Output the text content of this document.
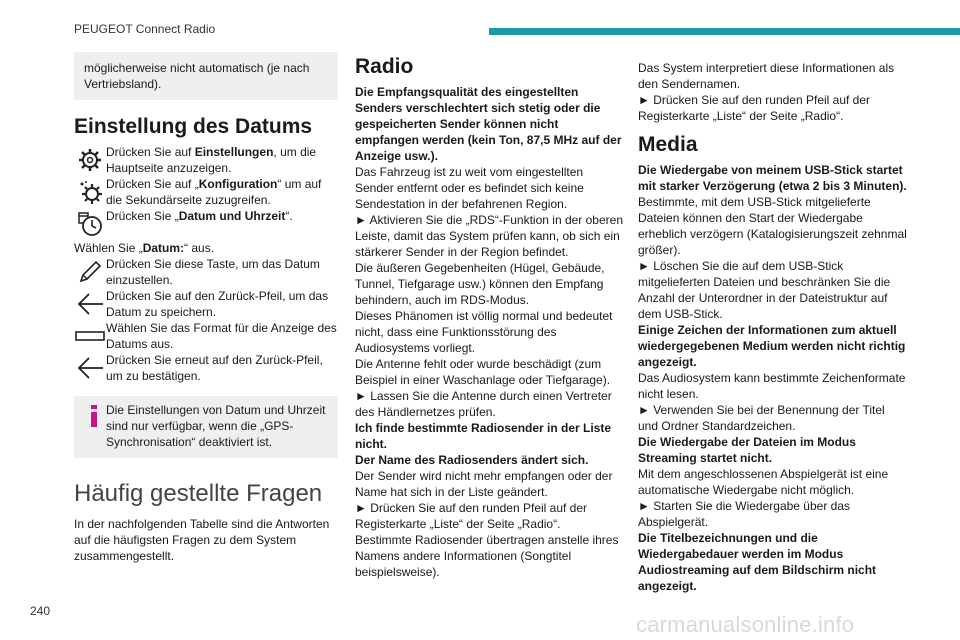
PEUGEOT Connect Radio

möglicherweise nicht automatisch (je nach Vertriebsland).

Einstellung des Datums
Drücken Sie auf Einstellungen, um die Hauptseite anzuzeigen.
Drücken Sie auf „Konfiguration“ um auf die Sekundärseite zuzugreifen.
Drücken Sie „Datum und Uhrzeit“.

Wählen Sie „Datum:“ aus.

Drücken Sie diese Taste, um das Datum einzustellen.
Drücken Sie auf den Zurück-Pfeil, um das Datum zu speichern.
Wählen Sie das Format für die Anzeige des Datums aus.
Drücken Sie erneut auf den Zurück-Pfeil, um zu bestätigen.

Die Einstellungen von Datum und Uhrzeit sind nur verfügbar, wenn die „GPS-Synchronisation“ deaktiviert ist.

Häufig gestellte Fragen

In der nachfolgenden Tabelle sind die Antworten auf die häufigsten Fragen zu dem System zusammengestellt.

Radio

Die Empfangsqualität des eingestellten Senders verschlechtert sich stetig oder die gespeicherten Sender können nicht empfangen werden (kein Ton, 87,5 MHz auf der Anzeige usw.).

Das Fahrzeug ist zu weit vom eingestellten Sender entfernt oder es befindet sich keine Sendestation in der befahrenen Region.

► Aktivieren Sie die „RDS“-Funktion in der oberen Leiste, damit das System prüfen kann, ob sich ein stärkerer Sender in der Region befindet.

Die äußeren Gegebenheiten (Hügel, Gebäude, Tunnel, Tiefgarage usw.) können den Empfang behindern, auch im RDS-Modus.

Dieses Phänomen ist völlig normal und bedeutet nicht, dass eine Funktionsstörung des Audiosystems vorliegt.

Die Antenne fehlt oder wurde beschädigt (zum Beispiel in einer Waschanlage oder Tiefgarage).

► Lassen Sie die Antenne durch einen Vertreter des Händlernetzes prüfen.

Ich finde bestimmte Radiosender in der Liste nicht.

Der Name des Radiosenders ändert sich.

Der Sender wird nicht mehr empfangen oder der Name hat sich in der Liste geändert.

► Drücken Sie auf den runden Pfeil auf der Registerkarte „Liste“ der Seite „Radio“.

Bestimmte Radiosender übertragen anstelle ihres Namens andere Informationen (Songtitel beispielsweise).

Das System interpretiert diese Informationen als den Sendernamen.

► Drücken Sie auf den runden Pfeil auf der Registerkarte „Liste“ der Seite „Radio“.

Media

Die Wiedergabe von meinem USB-Stick startet mit starker Verzögerung (etwa 2 bis 3 Minuten).

Bestimmte, mit dem USB-Stick mitgelieferte Dateien können den Start der Wiedergabe erheblich verzögern (Katalogisierungszeit zehnmal größer).

► Löschen Sie die auf dem USB-Stick mitgelieferten Dateien und beschränken Sie die Anzahl der Unterordner in der Dateistruktur auf dem USB-Stick.

Einige Zeichen der Informationen zum aktuell wiedergegebenen Medium werden nicht richtig angezeigt.

Das Audiosystem kann bestimmte Zeichenformate nicht lesen.

► Verwenden Sie bei der Benennung der Titel und Ordner Standardzeichen.

Die Wiedergabe der Dateien im Modus Streaming startet nicht.

Mit dem angeschlossenen Abspielgerät ist eine automatische Wiedergabe nicht möglich.

► Starten Sie die Wiedergabe über das Abspielgerät.

Die Titelbezeichnungen und die Wiedergabedauer werden im Modus Audiostreaming auf dem Bildschirm nicht angezeigt.

240
carmanualsonline.info
